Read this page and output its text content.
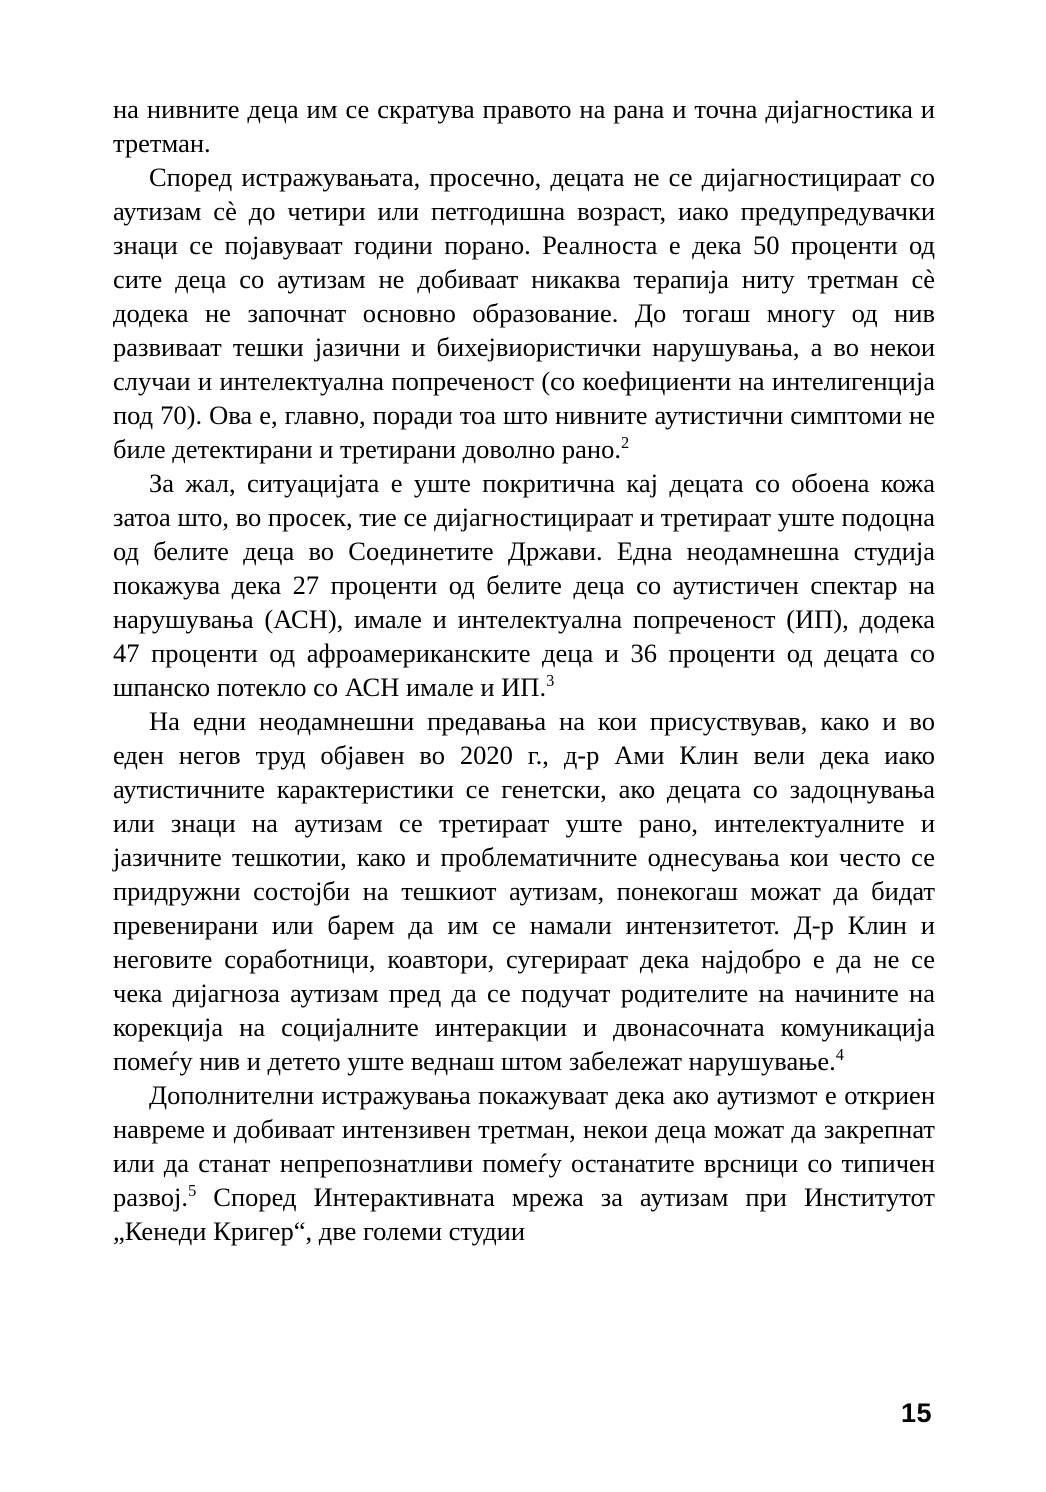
на нивните деца им се скратува правото на рана и точна дијагностика и третман.

Според истражувањата, просечно, децата не се дијагностицираат со аутизам сѐ до четири или петгодишна возраст, иако предупредувачки знаци се појавуваат години порано. Реалноста е дека 50 проценти од сите деца со аутизам не добиваат никаква терапија ниту третман сѐ додека не започнат основно образование. До тогаш многу од нив развиваат тешки јазични и бихејвиористички нарушувања, а во некои случаи и интелектуална попреченост (со коефициенти на интелигенција под 70). Ова е, главно, поради тоа што нивните аутистични симптоми не биле детектирани и третирани доволно рано.$^2$

За жал, ситуацијата е уште покритична кај децата со обоена кожа затоа што, во просек, тие се дијагностицираат и третираат уште подоцна од белите деца во Соединетите Држави. Една неодамнешна студија покажува дека 27 проценти од белите деца со аутистичен спектар на нарушувања (АСН), имале и интелектуална попреченост (ИП), додека 47 проценти од афроамериканските деца и 36 проценти од децата со шпанско потекло со АСН имале и ИП.$^3$

На едни неодамнешни предавања на кои присуствував, како и во еден негов труд објавен во 2020 г., д-р Ами Клин вели дека иако аутистичните карактеристики се генетски, ако децата со задоцнувања или знаци на аутизам се третираат уште рано, интелектуалните и јазичните тешкотии, како и проблематичните однесувања кои често се придружни состојби на тешкиот аутизам, понекогаш можат да бидат превенирани или барем да им се намали интензитетот. Д-р Клин и неговите соработници, коавтори, сугерираат дека најдобро е да не се чека дијагноза аутизам пред да се подучат родителите на начините на корекција на социјалните интеракции и двонасочната комуникација помеѓу нив и детето уште веднаш штом забележат нарушување.$^4$

Дополнителни истражувања покажуваат дека ако аутизмот е откриен навреме и добиваат интензивен третман, некои деца можат да закрепнат или да станат непрепознатливи помеѓу останатите врсници со типичен развој.$^5$ Според Интерактивната мрежа за аутизам при Институтот „Кенеди Кригер“, две големи студии

15
